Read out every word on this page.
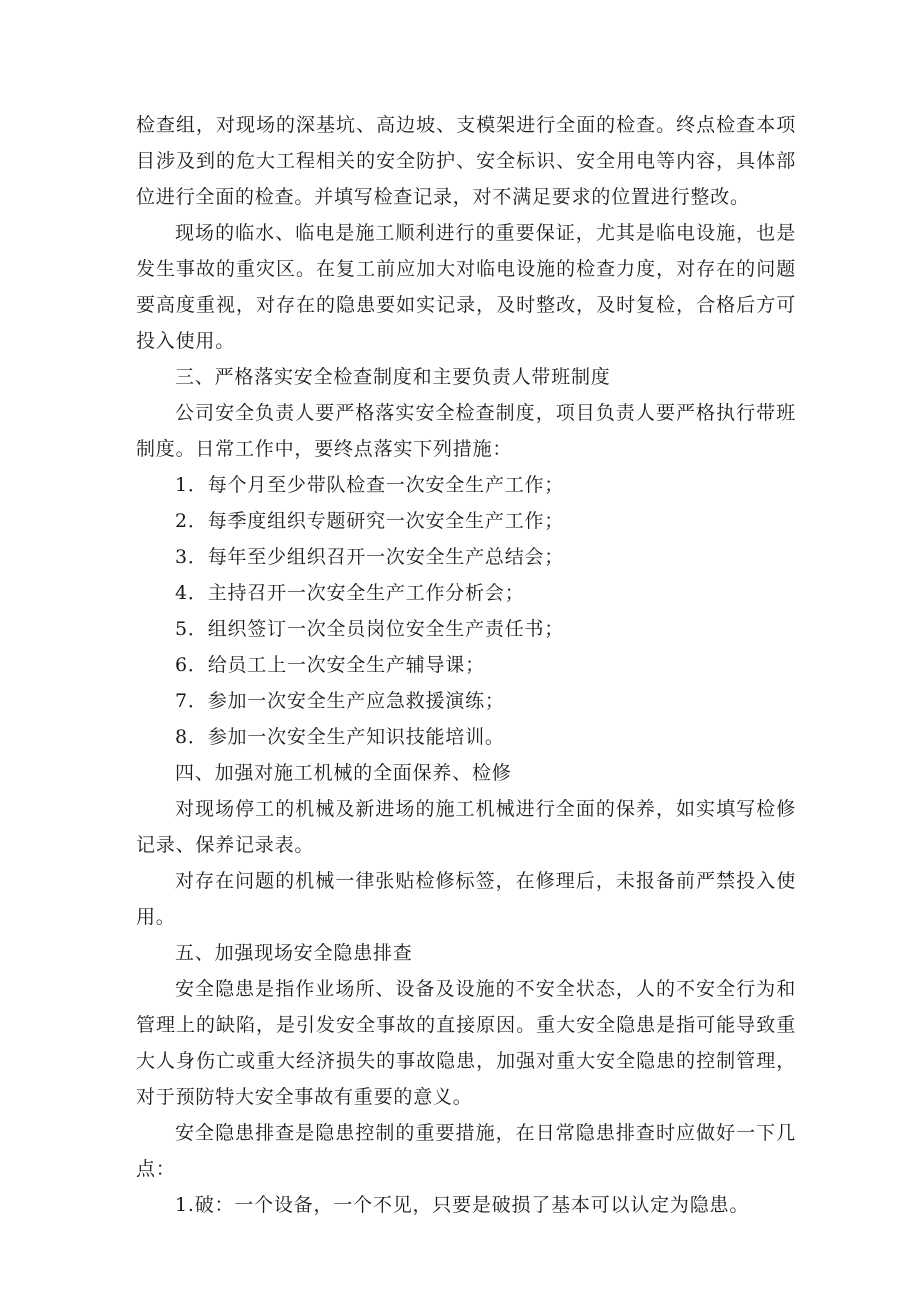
检查组，对现场的深基坑、高边坡、支模架进行全面的检查。终点检查本项目涉及到的危大工程相关的安全防护、安全标识、安全用电等内容，具体部位进行全面的检查。并填写检查记录，对不满足要求的位置进行整改。

现场的临水、临电是施工顺利进行的重要保证，尤其是临电设施，也是发生事故的重灾区。在复工前应加大对临电设施的检查力度，对存在的问题要高度重视，对存在的隐患要如实记录，及时整改，及时复检，合格后方可投入使用。

三、严格落实安全检查制度和主要负责人带班制度

公司安全负责人要严格落实安全检查制度，项目负责人要严格执行带班制度。日常工作中，要终点落实下列措施：

1．每个月至少带队检查一次安全生产工作；

2．每季度组织专题研究一次安全生产工作；

3．每年至少组织召开一次安全生产总结会；

4．主持召开一次安全生产工作分析会；

5．组织签订一次全员岗位安全生产责任书；

6．给员工上一次安全生产辅导课；

7．参加一次安全生产应急救援演练；

8．参加一次安全生产知识技能培训。

四、加强对施工机械的全面保养、检修

对现场停工的机械及新进场的施工机械进行全面的保养，如实填写检修记录、保养记录表。

对存在问题的机械一律张贴检修标签，在修理后，未报备前严禁投入使用。

五、加强现场安全隐患排查

安全隐患是指作业场所、设备及设施的不安全状态，人的不安全行为和管理上的缺陷，是引发安全事故的直接原因。重大安全隐患是指可能导致重大人身伤亡或重大经济损失的事故隐患，加强对重大安全隐患的控制管理，对于预防特大安全事故有重要的意义。

安全隐患排查是隐患控制的重要措施，在日常隐患排查时应做好一下几点：

1.破：一个设备，一个不见，只要是破损了基本可以认定为隐患。
